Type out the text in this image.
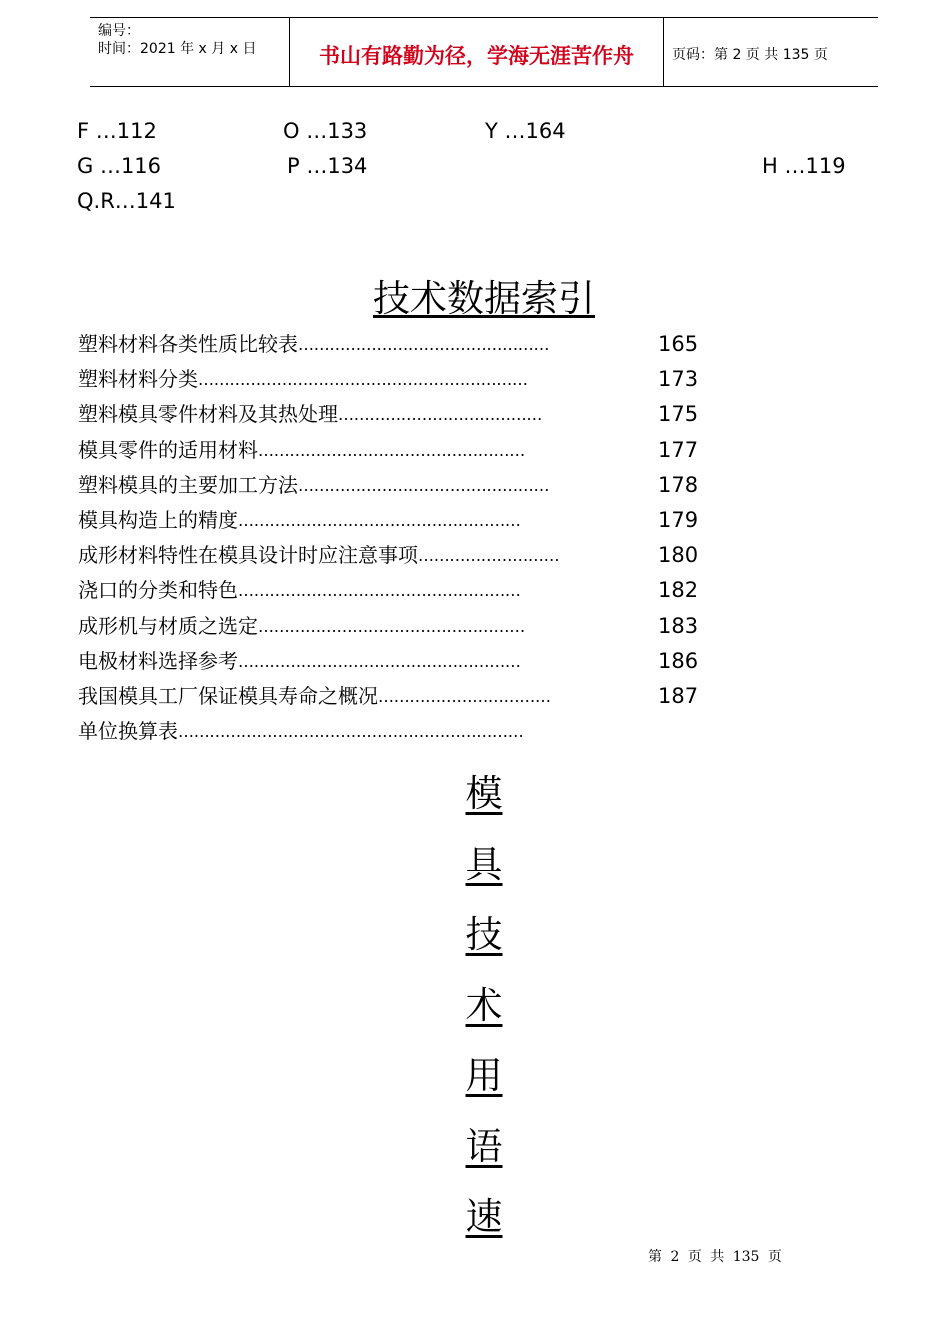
编号：
时间：2021 年 x 月 x 日	书山有路勤为径，学海无涯苦作舟	页码：第 2 页 共 135 页
F …112	O …133	Y …164
G …116	P …134	H …119
Q.R…141
技术数据索引
塑料材料各类性质比较表 …………………………………………	165
塑料材料分类 ………………………………………………………	173
塑料模具零件材料及其热处理 …………………………………	175
模具零件的适用材料 ……………………………………………	177
塑料模具的主要加工方法 …………………………………………	178
模具构造上的精度 ………………………………………………	179
成形材料特性在模具设计时应注意事项 ………………………	180
浇口的分类和特色 ………………………………………………	182
成形机与材质之选定 ……………………………………………	183
电极材料选择参考 ………………………………………………	186
我国模具工厂保证模具寿命之概况 ……………………………	187
单位换算表 …………………………………………………………
模
具
技
术
用
语
速
第 2 页 共 135 页
